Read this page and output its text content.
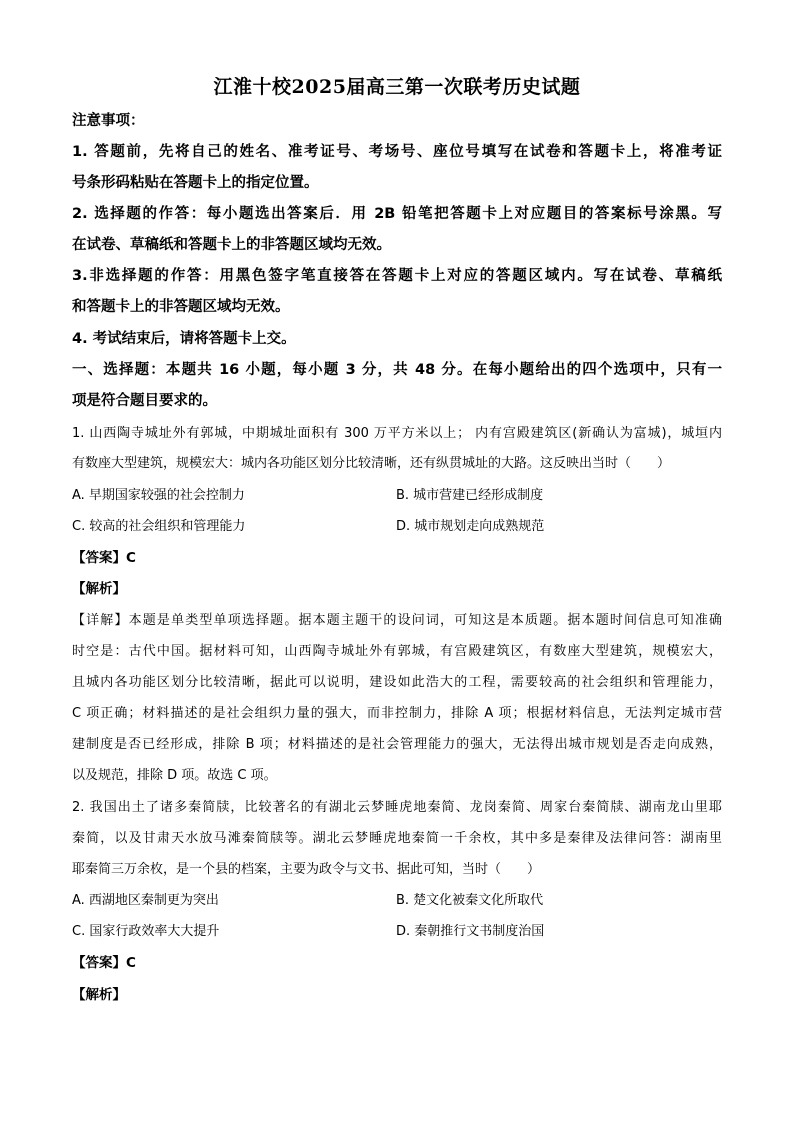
江淮十校2025届高三第一次联考历史试题
注意事项：
1. 答题前，先将自己的姓名、准考证号、考场号、座位号填写在试卷和答题卡上，将准考证
号条形码粘贴在答题卡上的指定位置。
2. 选择题的作答：每小题选出答案后．用 2B 铅笔把答题卡上对应题目的答案标号涂黑。写
在试卷、草稿纸和答题卡上的非答题区域均无效。
3.非选择题的作答：用黑色签字笔直接答在答题卡上对应的答题区域内。写在试卷、草稿纸
和答题卡上的非答题区域均无效。
4. 考试结束后，请将答题卡上交。
一、选择题：本题共 16 小题，每小题 3 分，共 48 分。在每小题给出的四个选项中，只有一
项是符合题目要求的。
1. 山西陶寺城址外有郭城，中期城址面积有 300 万平方米以上； 内有宫殿建筑区(新确认为富城)，城垣内
有数座大型建筑，规模宏大：城内各功能区划分比较清晰，还有纵贯城址的大路。这反映出当时（　　）
A. 早期国家较强的社会控制力	B. 城市营建已经形成制度
C. 较高的社会组织和管理能力	D. 城市规划走向成熟规范
【答案】C
【解析】
【详解】本题是单类型单项选择题。据本题主题干的设问词，可知这是本质题。据本题时间信息可知准确
时空是：古代中国。据材料可知，山西陶寺城址外有郭城，有宫殿建筑区，有数座大型建筑，规模宏大，
且城内各功能区划分比较清晰，据此可以说明，建设如此浩大的工程，需要较高的社会组织和管理能力，
C 项正确；材料描述的是社会组织力量的强大，而非控制力，排除 A 项；根据材料信息，无法判定城市营
建制度是否已经形成，排除 B 项；材料描述的是社会管理能力的强大，无法得出城市规划是否走向成熟，
以及规范，排除 D 项。故选 C 项。
2. 我国出土了诸多秦简牍，比较著名的有湖北云梦睡虎地秦简、龙岗秦简、周家台秦简牍、湖南龙山里耶
秦简，以及甘肃天水放马滩秦简牍等。湖北云梦睡虎地秦简一千余枚，其中多是秦律及法律问答：湖南里
耶秦简三万余枚，是一个县的档案，主要为政令与文书、据此可知，当时（　　）
A. 西湖地区秦制更为突出	B. 楚文化被秦文化所取代
C. 国家行政效率大大提升	D. 秦朝推行文书制度治国
【答案】C
【解析】
